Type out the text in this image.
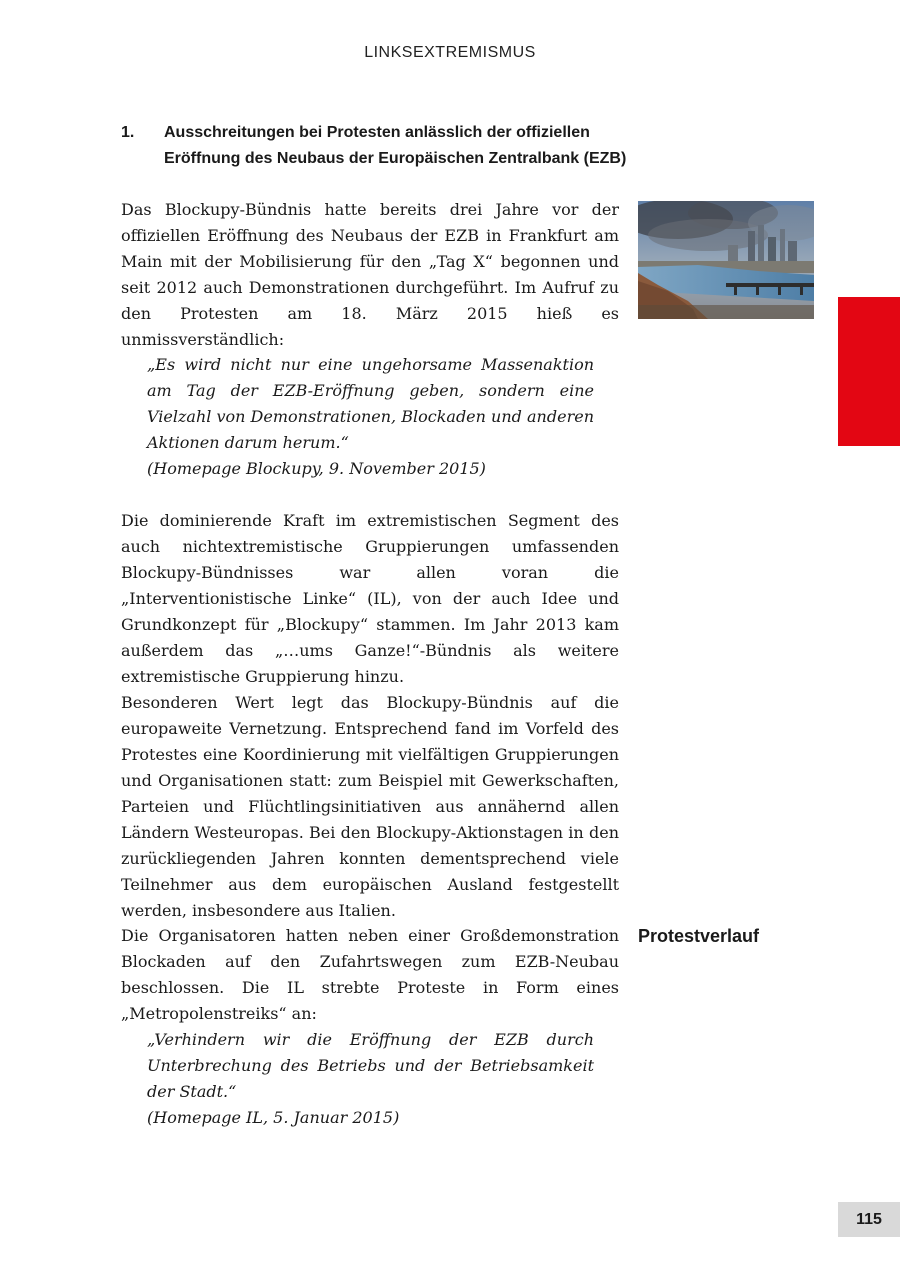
LINKSEXTREMISMUS
1. Ausschreitungen bei Protesten anlässlich der offiziellen Eröffnung des Neubaus der Europäischen Zentralbank (EZB)
Das Blockupy-Bündnis hatte bereits drei Jahre vor der offiziellen Eröffnung des Neubaus der EZB in Frankfurt am Main mit der Mobilisierung für den „Tag X“ begonnen und seit 2012 auch Demonstrationen durchgeführt. Im Aufruf zu den Protesten am 18. März 2015 hieß es unmissverständlich:
„Es wird nicht nur eine ungehorsame Massenaktion am Tag der EZB-Eröffnung geben, sondern eine Vielzahl von Demonstrationen, Blockaden und anderen Aktionen darum herum.“
(Homepage Blockupy, 9. November 2015)
Die dominierende Kraft im extremistischen Segment des auch nichtextremistische Gruppierungen umfassenden Blockupy-Bündnisses war allen voran die „Interventionistische Linke“ (IL), von der auch Idee und Grundkonzept für „Blockupy“ stammen. Im Jahr 2013 kam außerdem das „…ums Ganze!“-Bündnis als weitere extremistische Gruppierung hinzu.
Besonderen Wert legt das Blockupy-Bündnis auf die europaweite Vernetzung. Entsprechend fand im Vorfeld des Protestes eine Koordinierung mit vielfältigen Gruppierungen und Organisationen statt: zum Beispiel mit Gewerkschaften, Parteien und Flüchtlingsinitiativen aus annähernd allen Ländern Westeuropas. Bei den Blockupy-Aktionstagen in den zurückliegenden Jahren konnten dementsprechend viele Teilnehmer aus dem europäischen Ausland festgestellt werden, insbesondere aus Italien.
Die Organisatoren hatten neben einer Großdemonstration Blockaden auf den Zufahrtswegen zum EZB-Neubau beschlossen. Die IL strebte Proteste in Form eines „Metropolenstreiks“ an:
Protestverlauf
„Verhindern wir die Eröffnung der EZB durch Unterbrechung des Betriebs und der Betriebsamkeit der Stadt.“
(Homepage IL, 5. Januar 2015)
115
